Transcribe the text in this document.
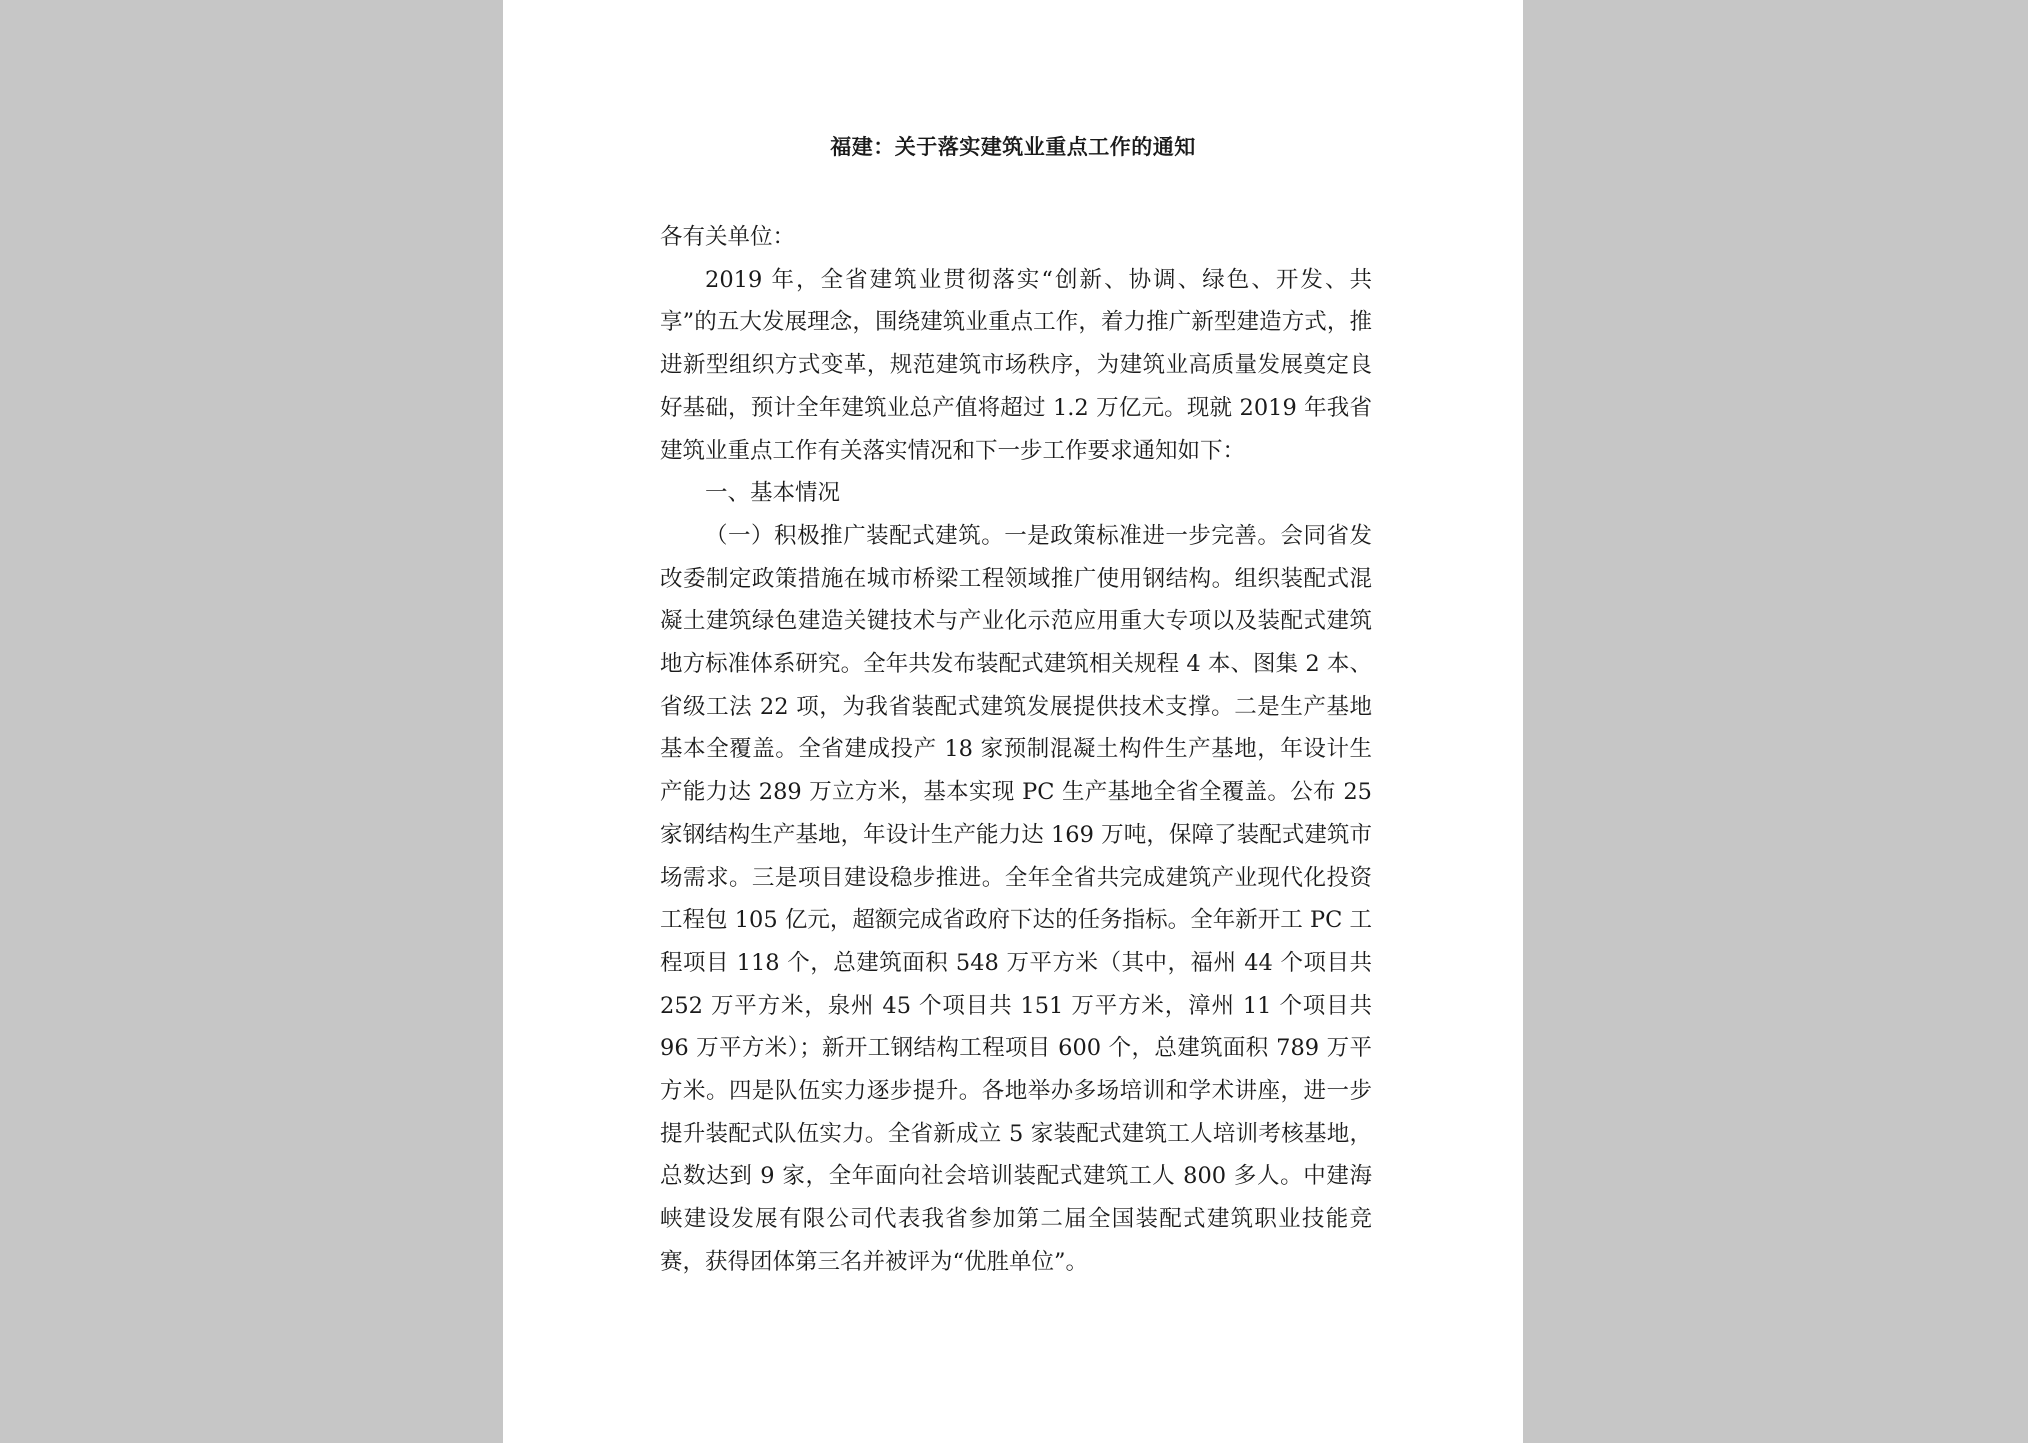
福建：关于落实建筑业重点工作的通知

各有关单位：

2019 年，全省建筑业贯彻落实“创新、协调、绿色、开发、共享”的五大发展理念，围绕建筑业重点工作，着力推广新型建造方式，推进新型组织方式变革，规范建筑市场秩序，为建筑业高质量发展奠定良好基础，预计全年建筑业总产值将超过 1.2 万亿元。现就 2019 年我省建筑业重点工作有关落实情况和下一步工作要求通知如下：

一、基本情况

（一）积极推广装配式建筑。一是政策标准进一步完善。会同省发改委制定政策措施在城市桥梁工程领域推广使用钢结构。组织装配式混凝土建筑绿色建造关键技术与产业化示范应用重大专项以及装配式建筑地方标准体系研究。全年共发布装配式建筑相关规程 4 本、图集 2 本、省级工法 22 项，为我省装配式建筑发展提供技术支撑。二是生产基地基本全覆盖。全省建成投产 18 家预制混凝土构件生产基地，年设计生产能力达 289 万立方米，基本实现 PC 生产基地全省全覆盖。公布 25 家钢结构生产基地，年设计生产能力达 169 万吨，保障了装配式建筑市场需求。三是项目建设稳步推进。全年全省共完成建筑产业现代化投资工程包 105 亿元，超额完成省政府下达的任务指标。全年新开工 PC 工程项目 118 个，总建筑面积 548 万平方米（其中，福州 44 个项目共 252 万平方米，泉州 45 个项目共 151 万平方米，漳州 11 个项目共 96 万平方米）；新开工钢结构工程项目 600 个，总建筑面积 789 万平方米。四是队伍实力逐步提升。各地举办多场培训和学术讲座，进一步提升装配式队伍实力。全省新成立 5 家装配式建筑工人培训考核基地，总数达到 9 家，全年面向社会培训装配式建筑工人 800 多人。中建海峡建设发展有限公司代表我省参加第二届全国装配式建筑职业技能竞赛，获得团体第三名并被评为“优胜单位”。
